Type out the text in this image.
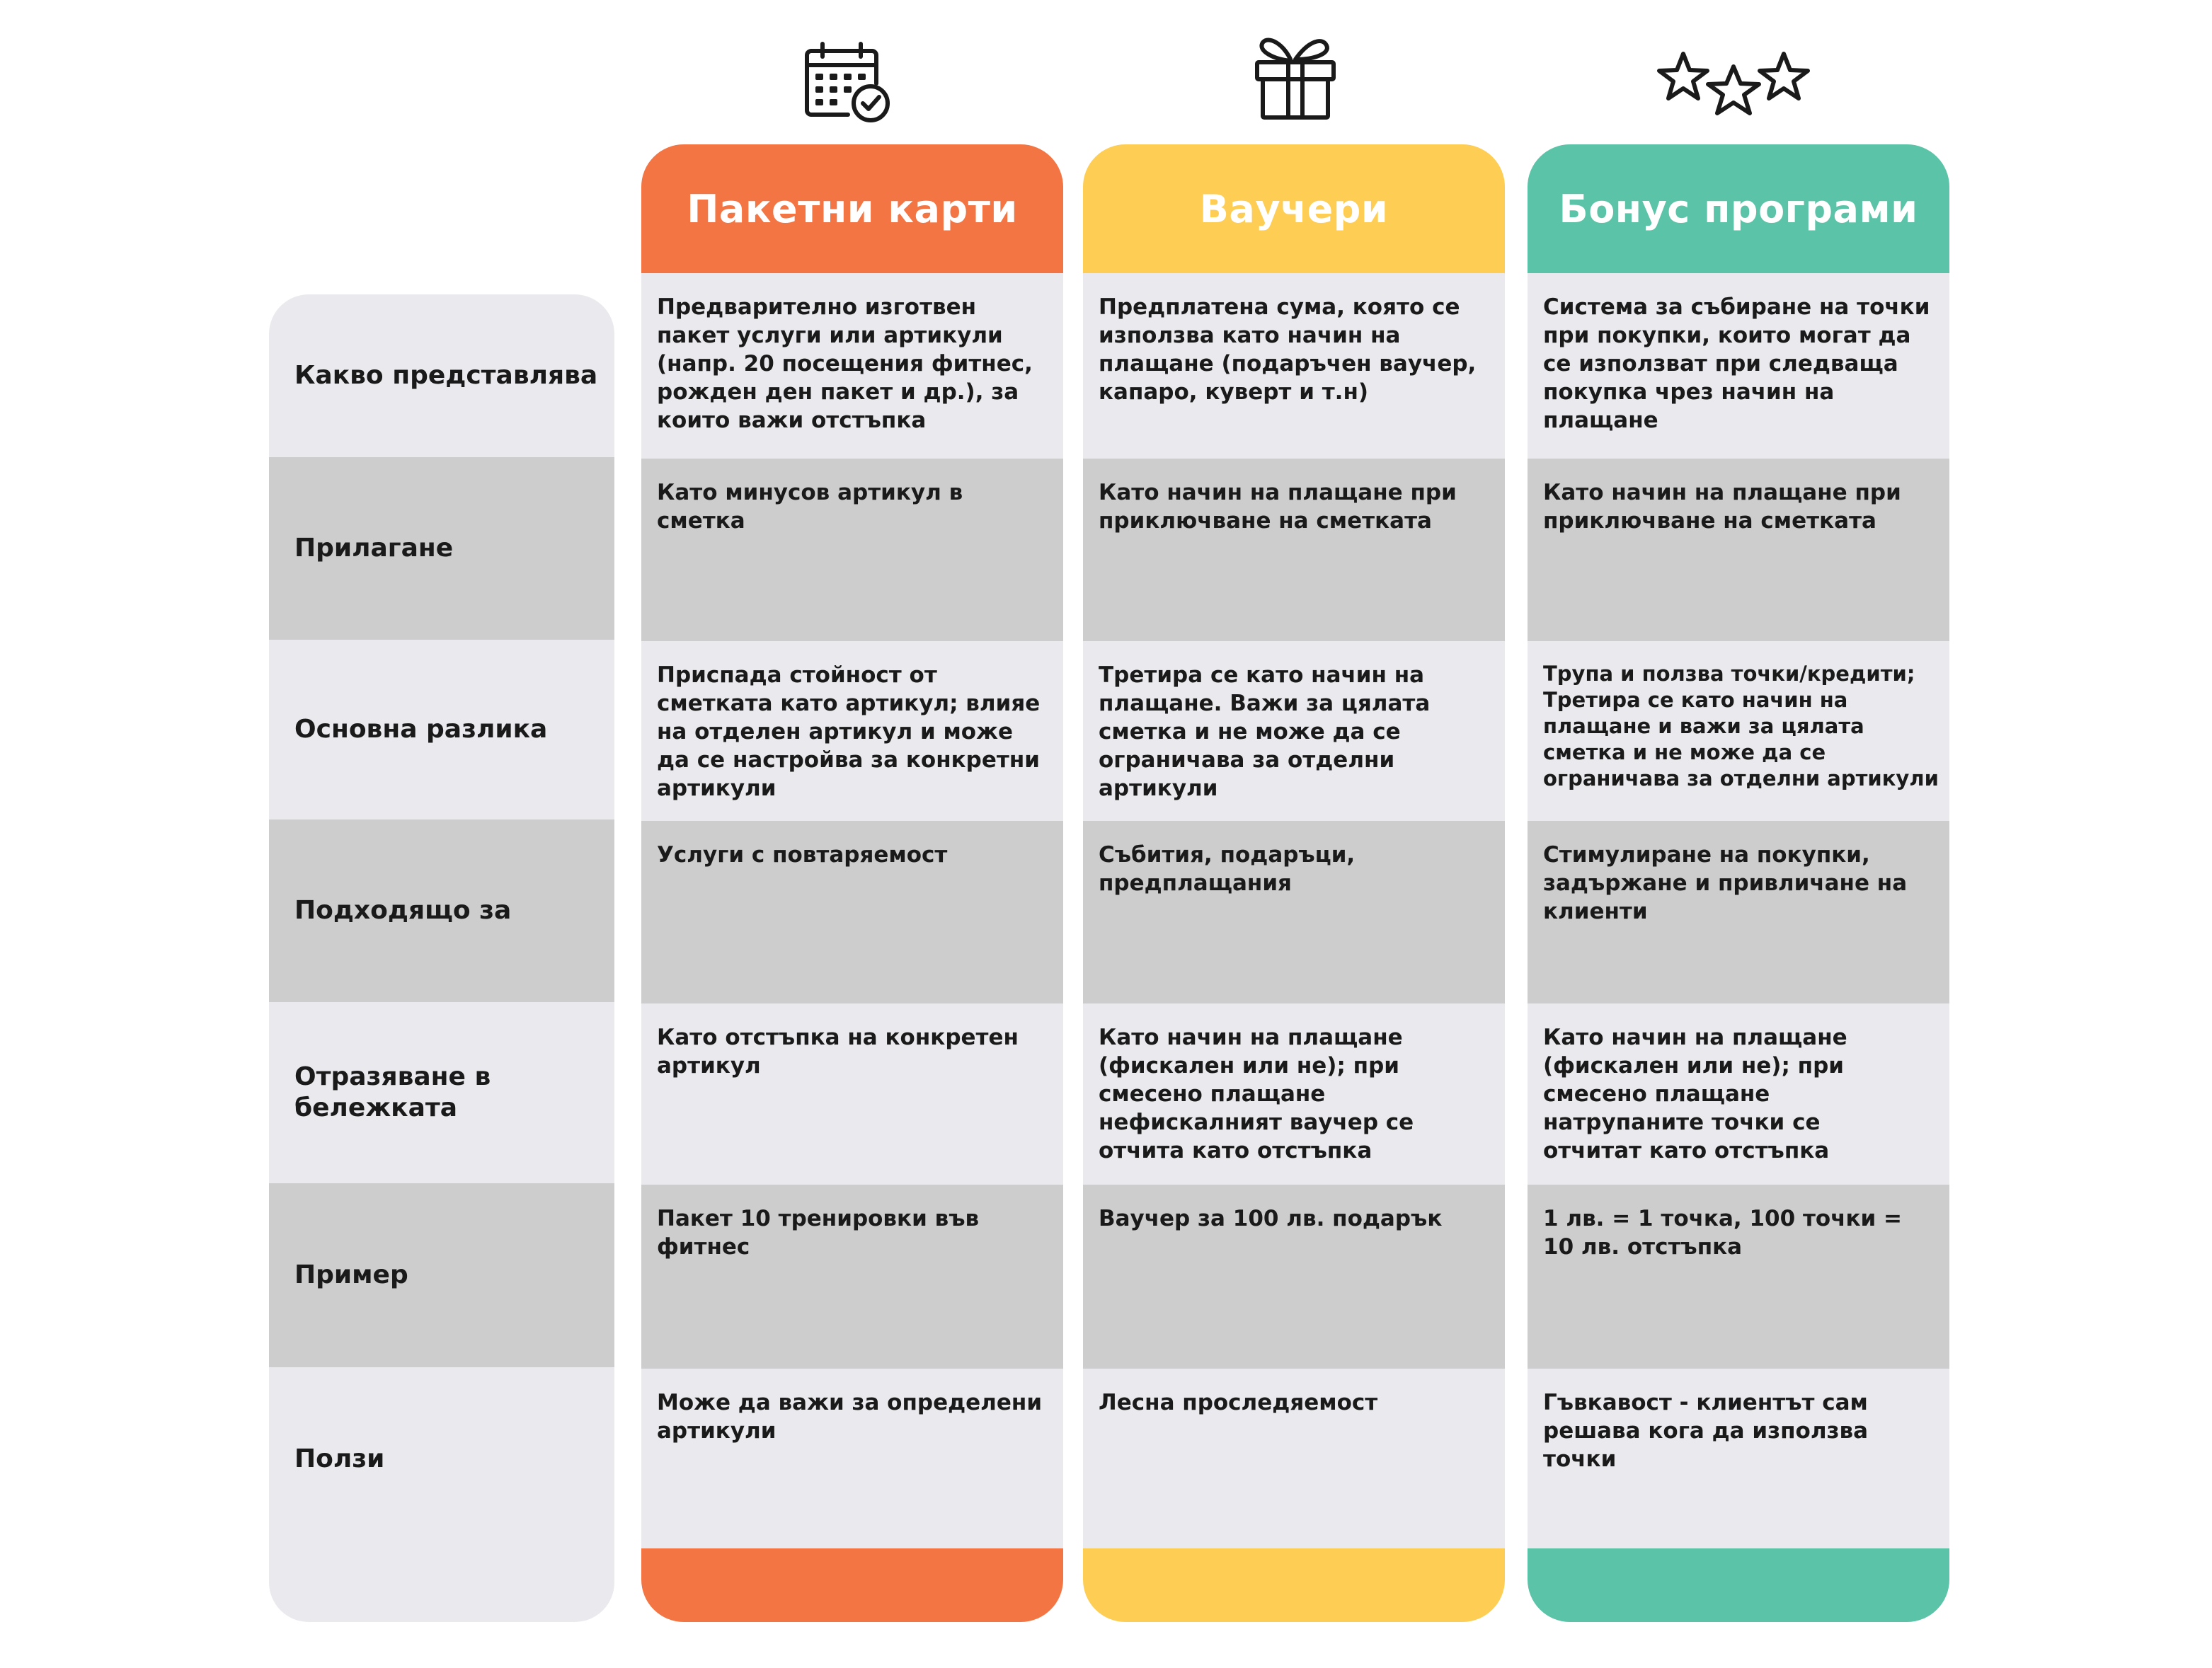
Какво представлява
Прилагане
Основна разлика
Подходящо за
Отразяване в бележката
Пример
Ползи
Пакетни карти
Предварително изготвен пакет услуги или артикули (напр. 20 посещения фитнес, рожден ден пакет и др.), за които важи отстъпка
Като минусов артикул в сметка
Приспада стойност от сметката като артикул; влияе на отделен артикул и може да се настройва за конкретни артикули
Услуги с повтаряемост
Като отстъпка на конкретен артикул
Пакет 10 тренировки във фитнес
Може да важи за определени артикули
Ваучери
Предплатена сума, която се използва като начин на плащане (подаръчен ваучер, капаро, куверт и т.н)
Като начин на плащане при приключване на сметката
Третира се като начин на плащане. Важи за цялата сметка и не може да се ограничава за отделни артикули
Събития, подаръци, предплащания
Като начин на плащане (фискален или не); при смесено плащане нефискалният ваучер се отчита като отстъпка
Ваучер за 100 лв. подарък
Лесна проследяемост
Бонус програми
Система за събиране на точки при покупки, които могат да се използват при следваща покупка чрез начин на плащане
Като начин на плащане при приключване на сметката
Трупа и ползва точки/кредити; Третира се като начин на плащане и важи за цялата сметка и не може да се ограничава за отделни артикули
Стимулиране на покупки, задържане и привличане на клиенти
Като начин на плащане (фискален или не); при смесено плащане натрупаните точки се отчитат като отстъпка
1 лв. = 1 точка, 100 точки = 10 лв. отстъпка
Гъвкавост - клиентът сам решава кога да използва точки
